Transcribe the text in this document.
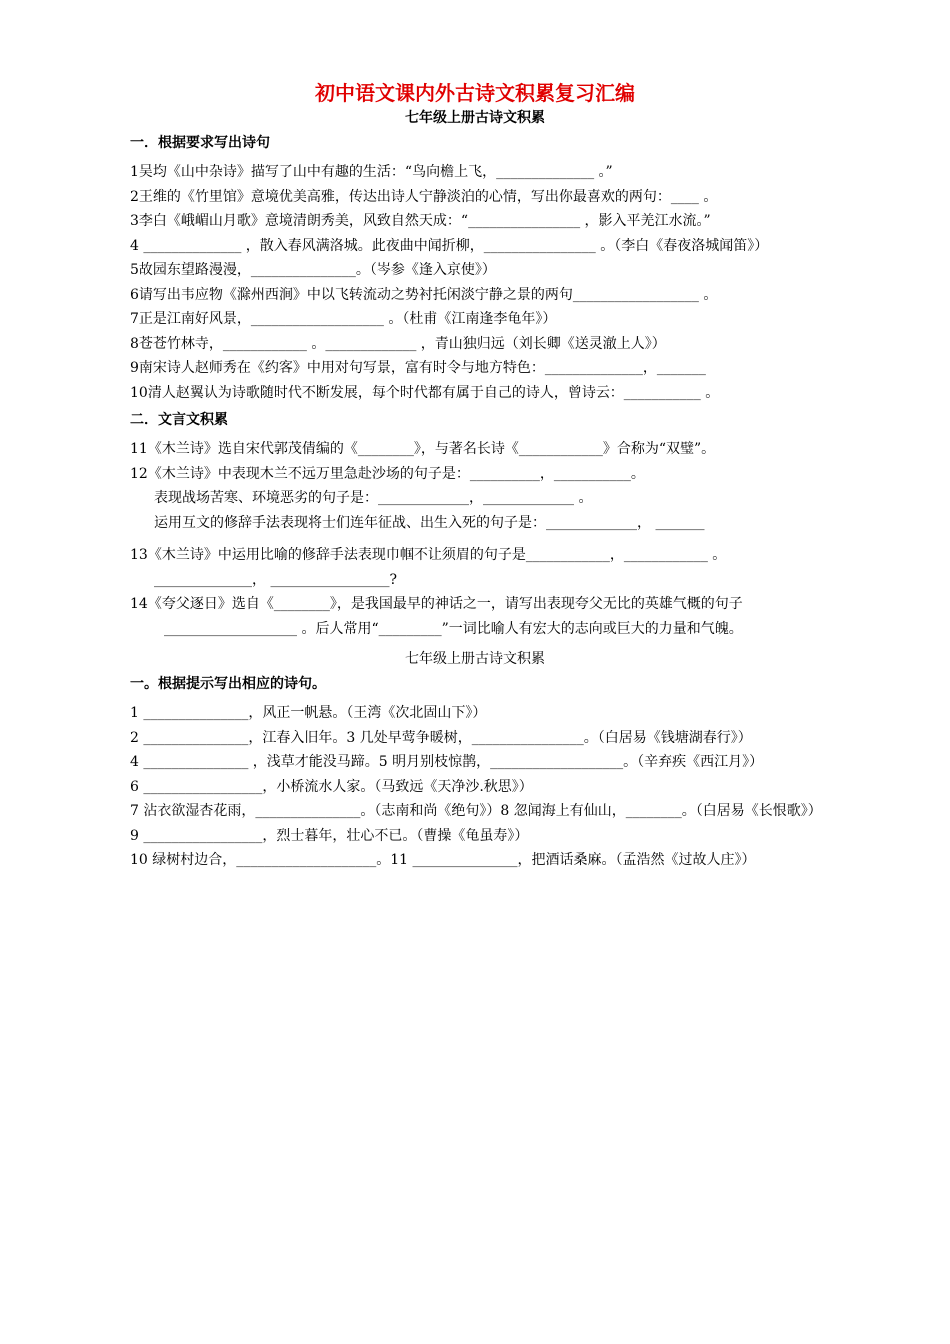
初中语文课内外古诗文积累复习汇编
七年级上册古诗文积累
一．根据要求写出诗句

1吴均《山中杂诗》描写了山中有趣的生活：“鸟向檐上飞，______________ 。”

2王维的《竹里馆》意境优美高雅，传达出诗人宁静淡泊的心情，写出你最喜欢的两句：____ 。

3李白《峨嵋山月歌》意境清朗秀美，风致自然天成：“________________ ，影入平羌江水流。”

4 ______________ ，散入春风满洛城。此夜曲中闻折柳，________________ 。（李白《春夜洛城闻笛》）

5故园东望路漫漫，_______________。（岑参《逢入京使》）

6请写出韦应物《滁州西涧》中以飞转流动之势衬托闲淡宁静之景的两句__________________ 。

7正是江南好风景，___________________ 。（杜甫《江南逢李龟年》）

8苍苍竹林寺，____________ 。_____________ ，青山独归远（刘长卿《送灵澈上人》）

9南宋诗人赵师秀在《约客》中用对句写景，富有时令与地方特色：______________，_______

10清人赵翼认为诗歌随时代不断发展，每个时代都有属于自己的诗人，曾诗云：___________ 。

二．文言文积累

11《木兰诗》选自宋代郭茂倩编的《________》，与著名长诗《____________》合称为“双璧”。

12《木兰诗》中表现木兰不远万里急赴沙场的句子是：__________，___________。

表现战场苦寒、环境恶劣的句子是：_____________，_____________ 。

运用互文的修辞手法表现将士们连年征战、出生入死的句子是：_____________， _______

13《木兰诗》中运用比喻的修辞手法表现巾帼不让须眉的句子是____________，____________ 。

______________， _________________?

14《夸父逐日》选自《________》，是我国最早的神话之一，请写出表现夸父无比的英雄气概的句子___________________ 。后人常用“_________”一词比喻人有宏大的志向或巨大的力量和气魄。

七年级上册古诗文积累
一。根据提示写出相应的诗句。

1 _______________，风正一帆悬。（王湾《次北固山下》）

2 _______________，江春入旧年。3 几处早莺争暖树，________________。（白居易《钱塘湖春行》）

4 _______________ ，浅草才能没马蹄。5 明月别枝惊鹊，___________________。（辛弃疾《西江月》）

6 _________________，小桥流水人家。（马致远《天净沙.秋思》）

7 沾衣欲湿杏花雨，_______________。（志南和尚《绝句》）8 忽闻海上有仙山，________。（白居易《长恨歌》）9 _________________，烈士暮年，壮心不已。（曹操《龟虽寿》）

10 绿树村边合，____________________。11 _______________，把酒话桑麻。（孟浩然《过故人庄》）
